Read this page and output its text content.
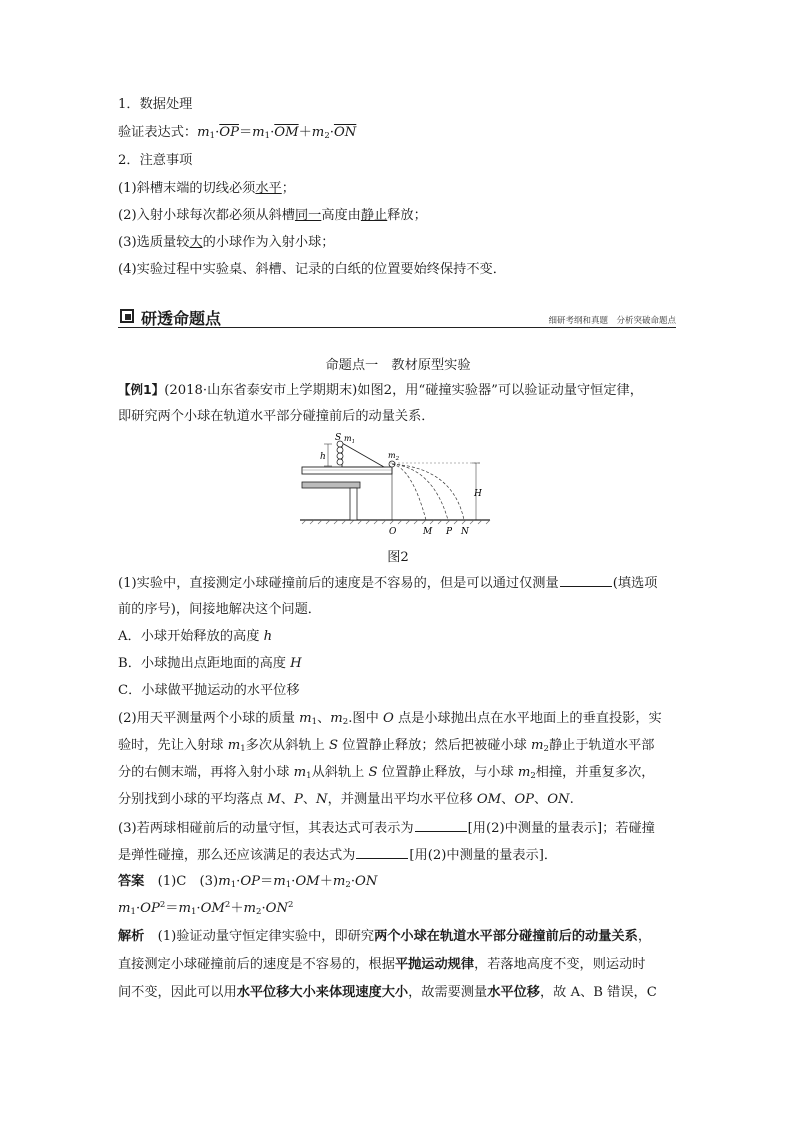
1．数据处理
验证表达式：$m_1\cdot\overline{OP}=m_1\cdot\overline{OM}+m_2\cdot\overline{ON}$
2．注意事项
(1)斜槽末端的切线必须水平；
(2)入射小球每次都必须从斜槽同一高度由静止释放；
(3)选质量较大的小球作为入射小球；
(4)实验过程中实验桌、斜槽、记录的白纸的位置要始终保持不变．
研透命题点	细研考纲和真题　分析突破命题点
命题点一　教材原型实验
【例1】(2018·山东省泰安市上学期期末)如图2，用“碰撞实验器”可以验证动量守恒定律，
即研究两个小球在轨道水平部分碰撞前后的动量关系．
S $m_1$
h	$m_2$
H
O	M P N
图2
(1)实验中，直接测定小球碰撞前后的速度是不容易的，但是可以通过仅测量	(填选项
前的序号)，间接地解决这个问题．
A．小球开始释放的高度 h
B．小球抛出点距地面的高度 H
C．小球做平抛运动的水平位移
(2)用天平测量两个小球的质量 $m_1$、$m_2$.图中 O 点是小球抛出点在水平地面上的垂直投影，实
验时，先让入射球 $m_1$多次从斜轨上 S 位置静止释放；然后把被碰小球 $m_2$静止于轨道水平部
分的右侧末端，再将入射小球 $m_1$从斜轨上 S 位置静止释放，与小球 $m_2$相撞，并重复多次，
分别找到小球的平均落点 M、P、N，并测量出平均水平位移 OM、OP、ON.
(3)若两球相碰前后的动量守恒，其表达式可表示为	[用(2)中测量的量表示]；若碰撞
是弹性碰撞，那么还应该满足的表达式为	[用(2)中测量的量表示]．
答案  (1)C　$(3)m_1\cdot OP=m_1\cdot OM+m_2\cdot ON$
$m_1\cdot OP^2=m_1\cdot OM^2+m_2\cdot ON^2$
解析  (1)验证动量守恒定律实验中，即研究两个小球在轨道水平部分碰撞前后的动量关系，
直接测定小球碰撞前后的速度是不容易的，根据平抛运动规律，若落地高度不变，则运动时
间不变，因此可以用水平位移大小来体现速度大小，故需要测量水平位移，故 A、B 错误，C
